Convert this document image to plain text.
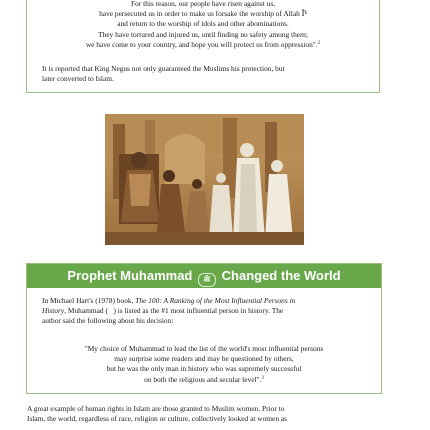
For this reason, our people have risen against us,
have persecuted us in order to make us forsake the worship of Allah Ⴡ
and return to the worship of idols and other abominations.
They have tortured and injured us, until finding no safety among them;
we have come to your country, and hope you will protect us from oppression".$^2$
It is reported that King Negus not only guaranteed the Muslims his protection, but
later converted to Islam.
Prophet Muhammad ﷺ Changed the World
In Michael Hart's (1978) book, The 100: A Ranking of the Most Influential Persons in
History, Muhammad (   ) is listed as the #1 most influential person in history. The
author said the following about his decision:
"My choice of Muhammad to lead the list of the world's most influential persons
may surprise some readers and may be questioned by others,
but he was the only man in history who was supremely successful
on both the religious and secular level".$^3$
A great example of human rights in Islam are those granted to Muslim women. Prior to
Islam, the world, regardless of race, religion or culture, collectively looked at women as
